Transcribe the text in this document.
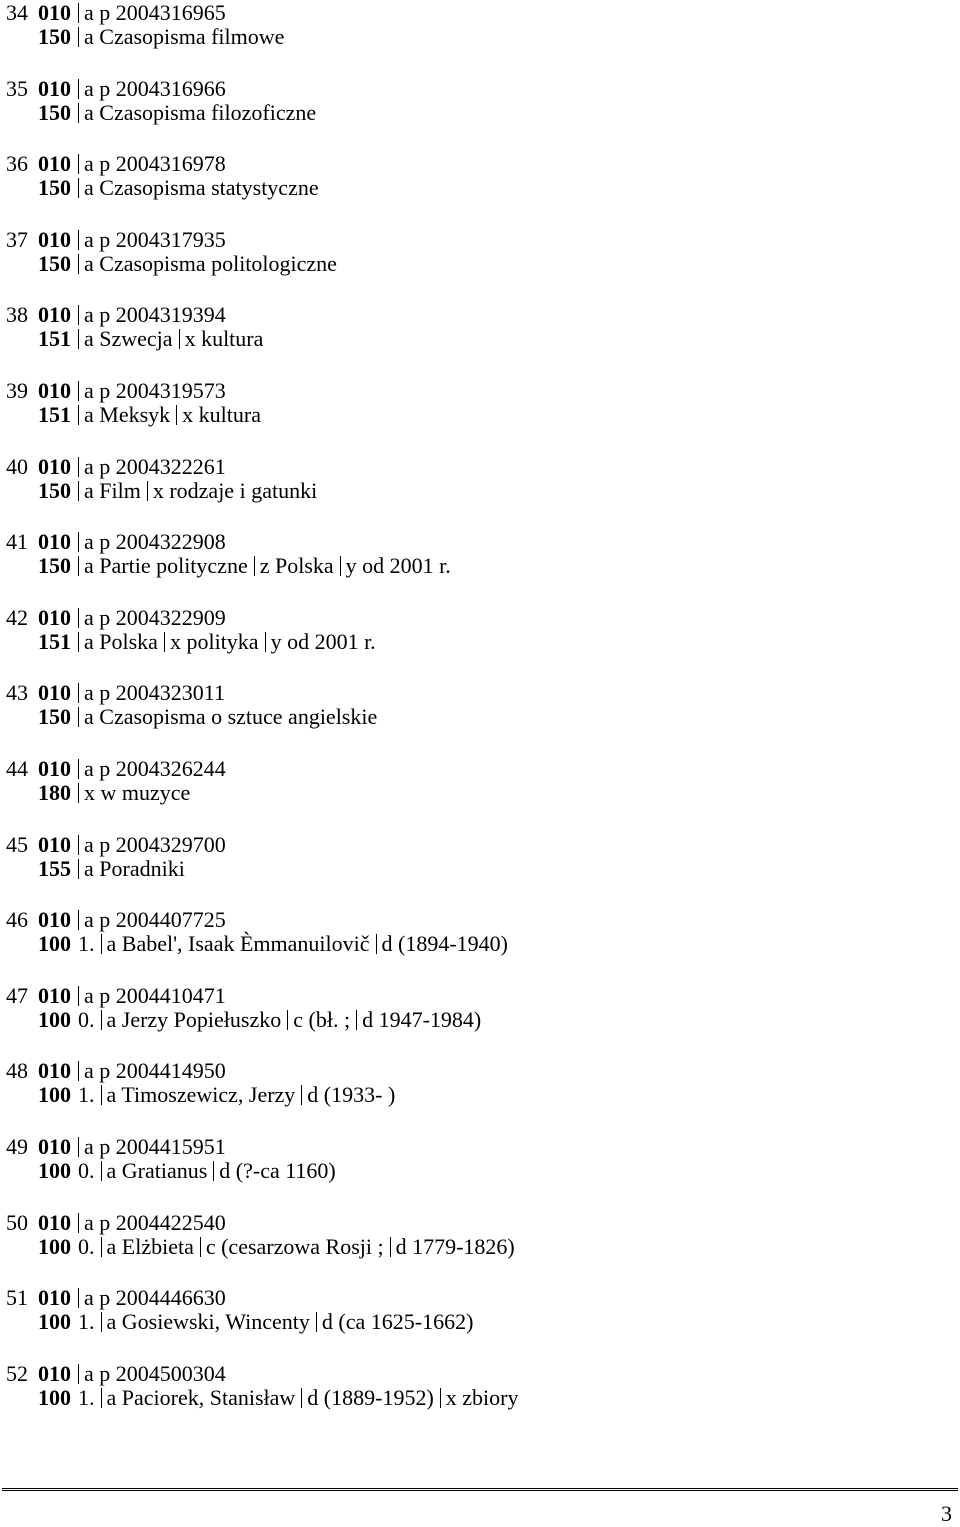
34 010 a p 2004316965
150 a Czasopisma filmowe
35 010 a p 2004316966
150 a Czasopisma filozoficzne
36 010 a p 2004316978
150 a Czasopisma statystyczne
37 010 a p 2004317935
150 a Czasopisma politologiczne
38 010 a p 2004319394
151 a Szwecja x kultura
39 010 a p 2004319573
151 a Meksyk x kultura
40 010 a p 2004322261
150 a Film x rodzaje i gatunki
41 010 a p 2004322908
150 a Partie polityczne z Polska y od 2001 r.
42 010 a p 2004322909
151 a Polska x polityka y od 2001 r.
43 010 a p 2004323011
150 a Czasopisma o sztuce angielskie
44 010 a p 2004326244
180 x w muzyce
45 010 a p 2004329700
155 a Poradniki
46 010 a p 2004407725
100 1. a Babel', Isaak Èmmanuilovič d (1894-1940)
47 010 a p 2004410471
100 0. a Jerzy Popiełuszko c (bł. ; d 1947-1984)
48 010 a p 2004414950
100 1. a Timoszewicz, Jerzy d (1933- )
49 010 a p 2004415951
100 0. a Gratianus d (?-ca 1160)
50 010 a p 2004422540
100 0. a Elżbieta c (cesarzowa Rosji ; d 1779-1826)
51 010 a p 2004446630
100 1. a Gosiewski, Wincenty d (ca 1625-1662)
52 010 a p 2004500304
100 1. a Paciorek, Stanisław d (1889-1952) x zbiory
3
